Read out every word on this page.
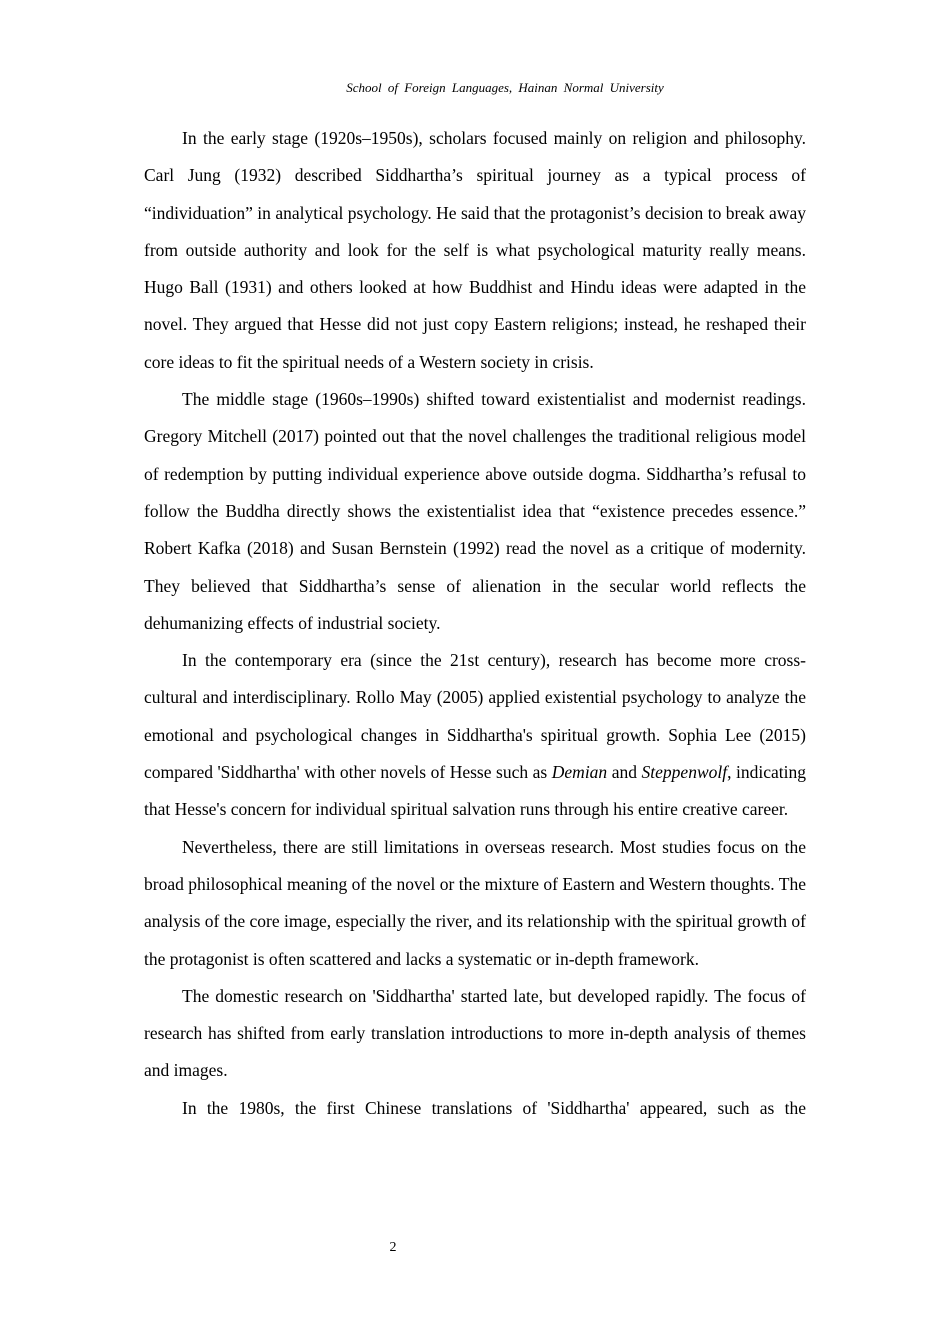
School of Foreign Languages, Hainan Normal University

In the early stage (1920s–1950s), scholars focused mainly on religion and philosophy. Carl Jung (1932) described Siddhartha’s spiritual journey as a typical process of “individuation” in analytical psychology. He said that the protagonist’s decision to break away from outside authority and look for the self is what psychological maturity really means. Hugo Ball (1931) and others looked at how Buddhist and Hindu ideas were adapted in the novel. They argued that Hesse did not just copy Eastern religions; instead, he reshaped their core ideas to fit the spiritual needs of a Western society in crisis.

The middle stage (1960s–1990s) shifted toward existentialist and modernist readings. Gregory Mitchell (2017) pointed out that the novel challenges the traditional religious model of redemption by putting individual experience above outside dogma. Siddhartha’s refusal to follow the Buddha directly shows the existentialist idea that “existence precedes essence.” Robert Kafka (2018) and Susan Bernstein (1992) read the novel as a critique of modernity. They believed that Siddhartha’s sense of alienation in the secular world reflects the dehumanizing effects of industrial society.

In the contemporary era (since the 21st century), research has become more cross-cultural and interdisciplinary. Rollo May (2005) applied existential psychology to analyze the emotional and psychological changes in Siddhartha's spiritual growth. Sophia Lee (2015) compared 'Siddhartha' with other novels of Hesse such as Demian and Steppenwolf, indicating that Hesse's concern for individual spiritual salvation runs through his entire creative career.

Nevertheless, there are still limitations in overseas research. Most studies focus on the broad philosophical meaning of the novel or the mixture of Eastern and Western thoughts. The analysis of the core image, especially the river, and its relationship with the spiritual growth of the protagonist is often scattered and lacks a systematic or in-depth framework.

The domestic research on 'Siddhartha' started late, but developed rapidly. The focus of research has shifted from early translation introductions to more in-depth analysis of themes and images.

In the 1980s, the first Chinese translations of 'Siddhartha' appeared, such as the

2
